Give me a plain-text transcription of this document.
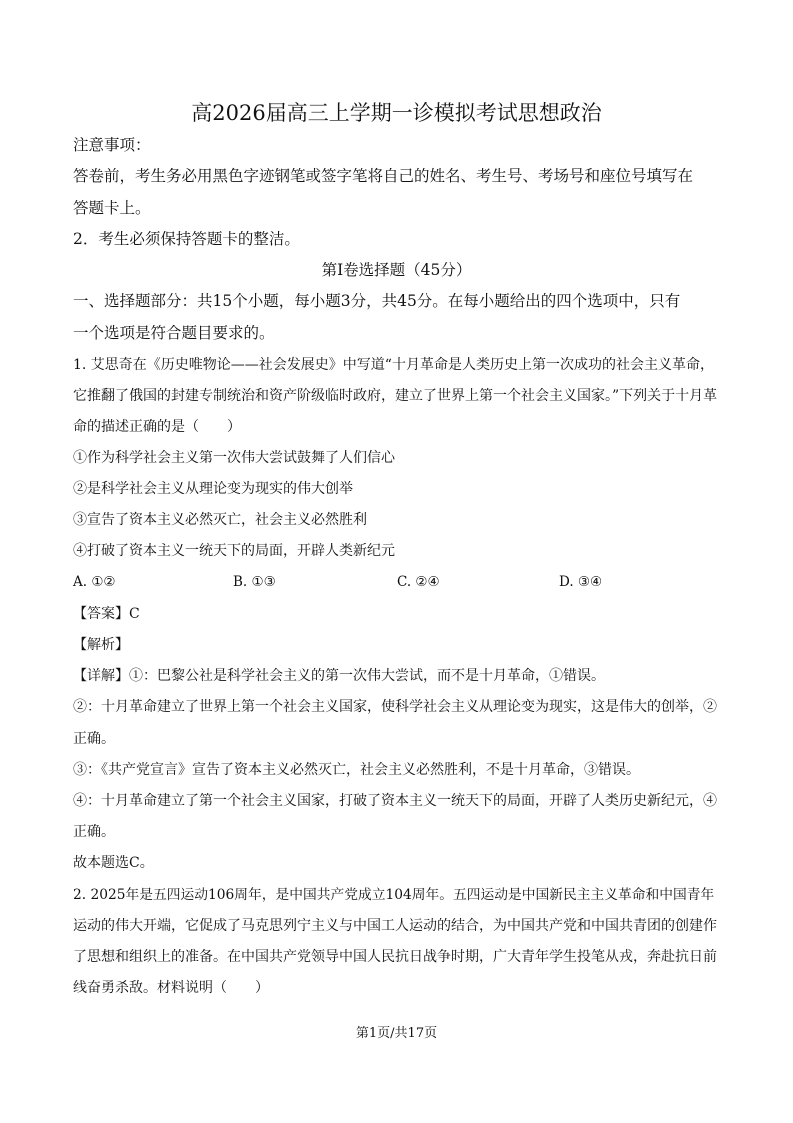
高2026届高三上学期一诊模拟考试思想政治
注意事项：
答卷前，考生务必用黑色字迹钢笔或签字笔将自己的姓名、考生号、考场号和座位号填写在
答题卡上。
2．考生必须保持答题卡的整洁。
第Ⅰ卷选择题（45分）
一、选择题部分：共15个小题，每小题3分，共45分。在每小题给出的四个选项中，只有
一个选项是符合题目要求的。
1. 艾思奇在《历史唯物论——社会发展史》中写道“十月革命是人类历史上第一次成功的社会主义革命，
它推翻了俄国的封建专制统治和资产阶级临时政府，建立了世界上第一个社会主义国家。”下列关于十月革
命的描述正确的是（　　）
①作为科学社会主义第一次伟大尝试鼓舞了人们信心
②是科学社会主义从理论变为现实的伟大创举
③宣告了资本主义必然灭亡，社会主义必然胜利
④打破了资本主义一统天下的局面，开辟人类新纪元
A. ①②	B. ①③	C. ②④	D. ③④
【答案】C
【解析】
【详解】①：巴黎公社是科学社会主义的第一次伟大尝试，而不是十月革命，①错误。
②：十月革命建立了世界上第一个社会主义国家，使科学社会主义从理论变为现实，这是伟大的创举，②
正确。
③：《共产党宣言》宣告了资本主义必然灭亡，社会主义必然胜利，不是十月革命，③错误。
④：十月革命建立了第一个社会主义国家，打破了资本主义一统天下的局面，开辟了人类历史新纪元，④
正确。
故本题选C。
2. 2025年是五四运动106周年，是中国共产党成立104周年。五四运动是中国新民主主义革命和中国青年
运动的伟大开端，它促成了马克思列宁主义与中国工人运动的结合，为中国共产党和中国共青团的创建作
了思想和组织上的准备。在中国共产党领导中国人民抗日战争时期，广大青年学生投笔从戎，奔赴抗日前
线奋勇杀敌。材料说明（　　）
第1页/共17页
